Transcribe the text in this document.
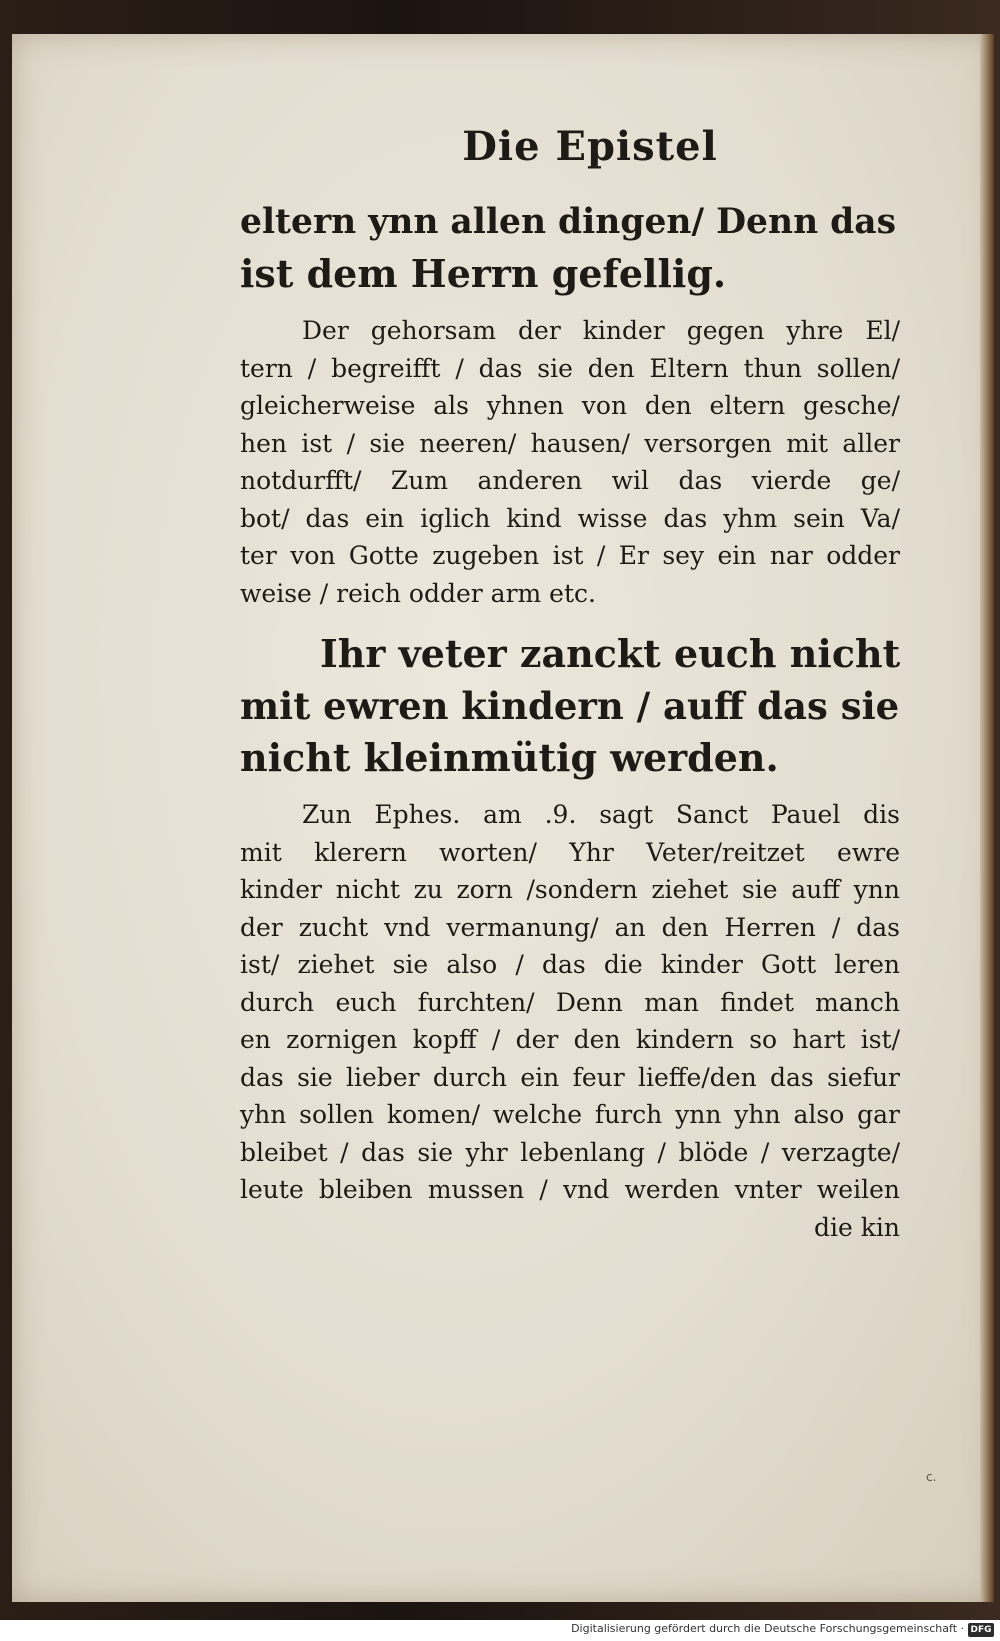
Die Epistel
eltern ynn allen dingen/ Denn das
ist dem Herrn gefellig.
Der gehorsam der kinder gegen yhre El/
tern / begreifft / das sie den Eltern thun sollen/
gleicherweise als yhnen von den eltern gesche/
hen ist / sie neeren/ hausen/ versorgen mit aller
notdurfft/ Zum anderen wil das vierde ge/
bot/ das ein iglich kind wisse das yhm sein Va/
ter von Gotte zugeben ist / Er sey ein nar odder
weise / reich odder arm etc.
Ihr veter zanckt euch nicht
mit ewren kindern / auff das sie
nicht kleinmütig werden.
Zun Ephes. am .9. sagt Sanct Pauel dis
mit klerern worten/ Yhr Veter/reitzet ewre
kinder nicht zu zorn /sondern ziehet sie auff ynn
der zucht vnd vermanung/ an den Herren / das
ist/ ziehet sie also / das die kinder Gott leren
durch euch furchten/ Denn man findet manch
en zornigen kopff / der den kindern so hart ist/
das sie lieber durch ein feur lieffe/den das siefur
yhn sollen komen/ welche furch ynn yhn also gar
bleibet / das sie yhr lebenlang / blöde / verzagte/
leute bleiben mussen / vnd werden vnter weilen
die kin
c.
Digitalisierung gefördert durch die Deutsche Forschungsgemeinschaft · DFG
